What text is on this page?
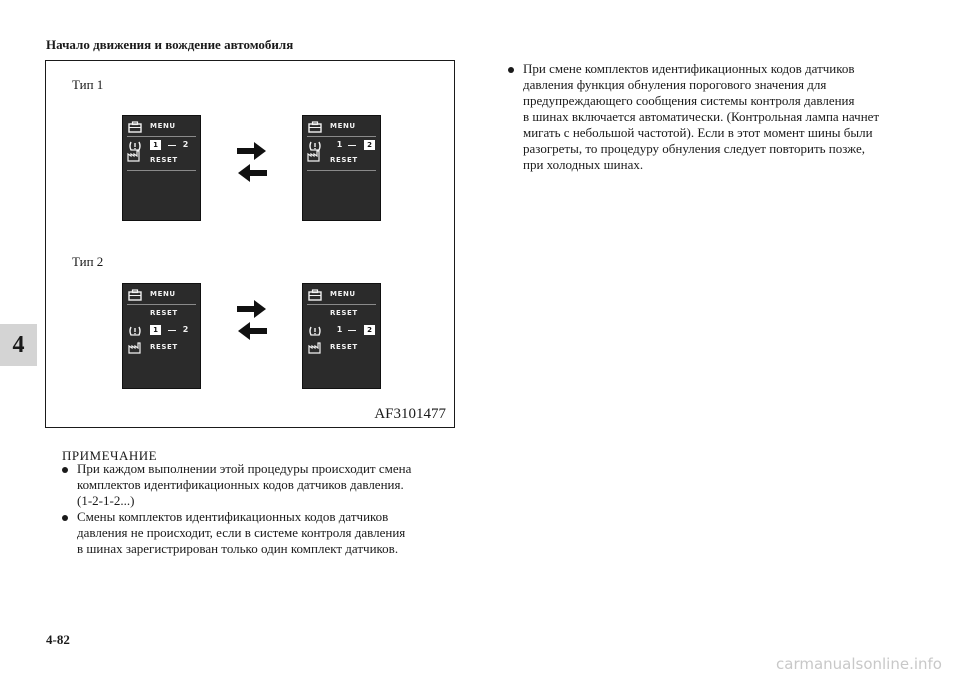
Начало движения и вождение автомобиля
4
Тип 1
Тип 2
AF3101477
MENU
1	2
RESET
MENU
1	2
RESET
MENU
RESET
1	2
RESET
MENU
RESET
1	2
RESET
ПРИМЕЧАНИЕ
При каждом выполнении этой процедуры происходит смена
комплектов идентификационных кодов датчиков давления.
(1-2-1-2...)
Смены комплектов идентификационных кодов датчиков
давления не происходит, если в системе контроля давления
в шинах зарегистрирован только один комплект датчиков.
При смене комплектов идентификационных кодов датчиков
давления функция обнуления порогового значения для
предупреждающего сообщения системы контроля давления
в шинах включается автоматически. (Контрольная лампа начнет
мигать с небольшой частотой). Если в этот момент шины были
разогреты, то процедуру обнуления следует повторить позже,
при холодных шинах.
4-82
carmanualsonline.info
